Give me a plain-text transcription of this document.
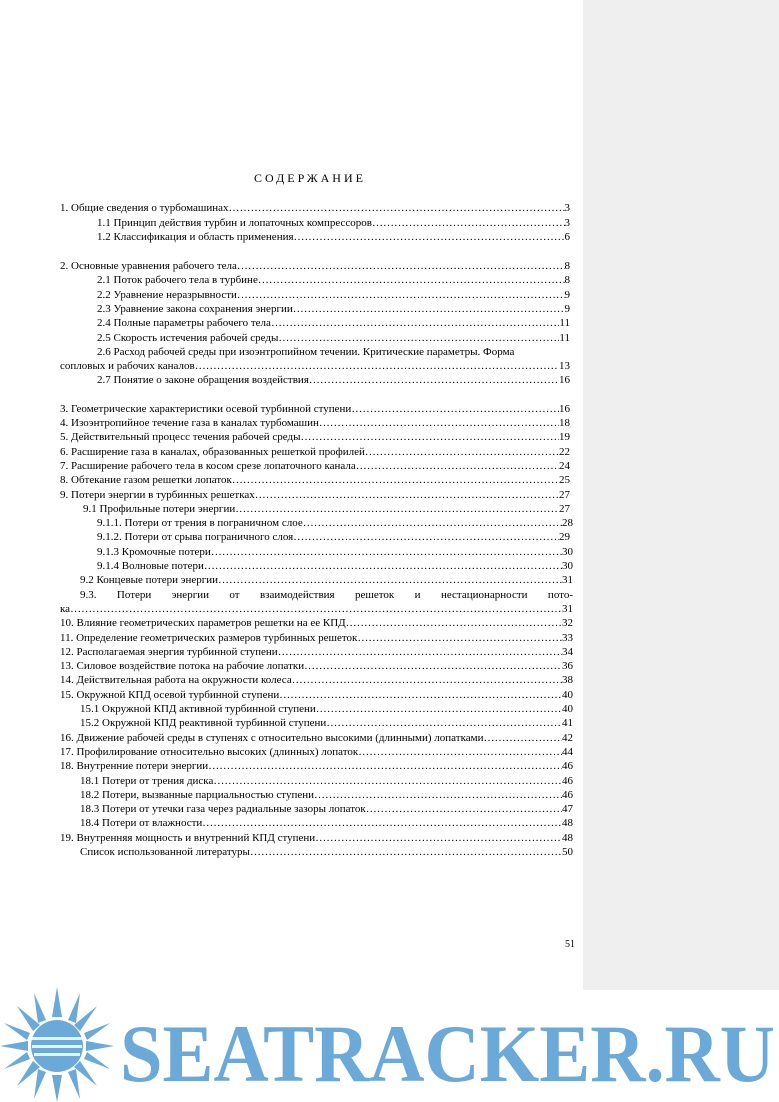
СОДЕРЖАНИЕ
1. Общие сведения о турбомашинах …………………………………………………………………………………………………………………………………………………………………………	3
1.1 Принцип действия турбин и лопаточных компрессоров …………………………………………………………………………………………………………………………………………………………………………	3
1.2 Классификация и область применения …………………………………………………………………………………………………………………………………………………………………………	6
2. Основные уравнения рабочего тела …………………………………………………………………………………………………………………………………………………………………………	8
2.1 Поток рабочего тела в турбине …………………………………………………………………………………………………………………………………………………………………………	8
2.2 Уравнение неразрывности …………………………………………………………………………………………………………………………………………………………………………	9
2.3 Уравнение закона сохранения энергии …………………………………………………………………………………………………………………………………………………………………………	9
2.4 Полные параметры рабочего тела …………………………………………………………………………………………………………………………………………………………………………	11
2.5 Скорость истечения рабочей среды …………………………………………………………………………………………………………………………………………………………………………	11
2.6 Расход рабочей среды при изоэнтропийном течении. Критические параметры. Форма
сопловых и рабочих каналов …………………………………………………………………………………………………………………………………………………………………………	13
2.7 Понятие о законе обращения воздействия …………………………………………………………………………………………………………………………………………………………………………	16
3. Геометрические характеристики осевой турбинной ступени …………………………………………………………………………………………………………………………………………………………………………	16
4. Изоэнтропийное течение газа в каналах турбомашин …………………………………………………………………………………………………………………………………………………………………………	18
5. Действительный процесс течения рабочей среды …………………………………………………………………………………………………………………………………………………………………………	19
6. Расширение газа в каналах, образованных решеткой профилей …………………………………………………………………………………………………………………………………………………………………………	22
7. Расширение рабочего тела в косом срезе лопаточного канала …………………………………………………………………………………………………………………………………………………………………………	24
8. Обтекание газом решетки лопаток …………………………………………………………………………………………………………………………………………………………………………	25
9. Потери энергии в турбинных решетках …………………………………………………………………………………………………………………………………………………………………………	27
9.1 Профильные потери энергии …………………………………………………………………………………………………………………………………………………………………………	27
9.1.1. Потери от трения в пограничном слое …………………………………………………………………………………………………………………………………………………………………………	28
9.1.2. Потери от срыва пограничного слоя …………………………………………………………………………………………………………………………………………………………………………	29
9.1.3 Кромочные потери …………………………………………………………………………………………………………………………………………………………………………	30
9.1.4 Волновые потери …………………………………………………………………………………………………………………………………………………………………………	30
9.2 Концевые потери энергии …………………………………………………………………………………………………………………………………………………………………………	31
9.3. Потери энергии от взаимодействия решеток и нестационарности пото-
ка …………………………………………………………………………………………………………………………………………………………………………	31
10. Влияние геометрических параметров решетки на ее КПД …………………………………………………………………………………………………………………………………………………………………………	32
11. Определение геометрических размеров турбинных решеток …………………………………………………………………………………………………………………………………………………………………………	33
12. Располагаемая энергия турбинной ступени …………………………………………………………………………………………………………………………………………………………………………	34
13. Силовое воздействие потока на рабочие лопатки …………………………………………………………………………………………………………………………………………………………………………	36
14. Действительная работа на окружности колеса …………………………………………………………………………………………………………………………………………………………………………	38
15. Окружной КПД осевой турбинной ступени …………………………………………………………………………………………………………………………………………………………………………	40
15.1 Окружной КПД активной турбинной ступени …………………………………………………………………………………………………………………………………………………………………………	40
15.2 Окружной КПД реактивной турбинной ступени …………………………………………………………………………………………………………………………………………………………………………	41
16. Движение рабочей среды в ступенях с относительно высокими (длинными) лопатками …………………………………………………………………………………………………………………………………………………………………………	42
17. Профилирование относительно высоких (длинных) лопаток …………………………………………………………………………………………………………………………………………………………………………	44
18. Внутренние потери энергии …………………………………………………………………………………………………………………………………………………………………………	46
18.1 Потери от трения диска …………………………………………………………………………………………………………………………………………………………………………	46
18.2 Потери, вызванные парциальностью ступени …………………………………………………………………………………………………………………………………………………………………………	46
18.3 Потери от утечки газа через радиальные зазоры лопаток …………………………………………………………………………………………………………………………………………………………………………	47
18.4 Потери от влажности …………………………………………………………………………………………………………………………………………………………………………	48
19. Внутренняя мощность и внутренний КПД ступени …………………………………………………………………………………………………………………………………………………………………………	48
Список использованной литературы …………………………………………………………………………………………………………………………………………………………………………	50
51
SEATRACKER.RU
